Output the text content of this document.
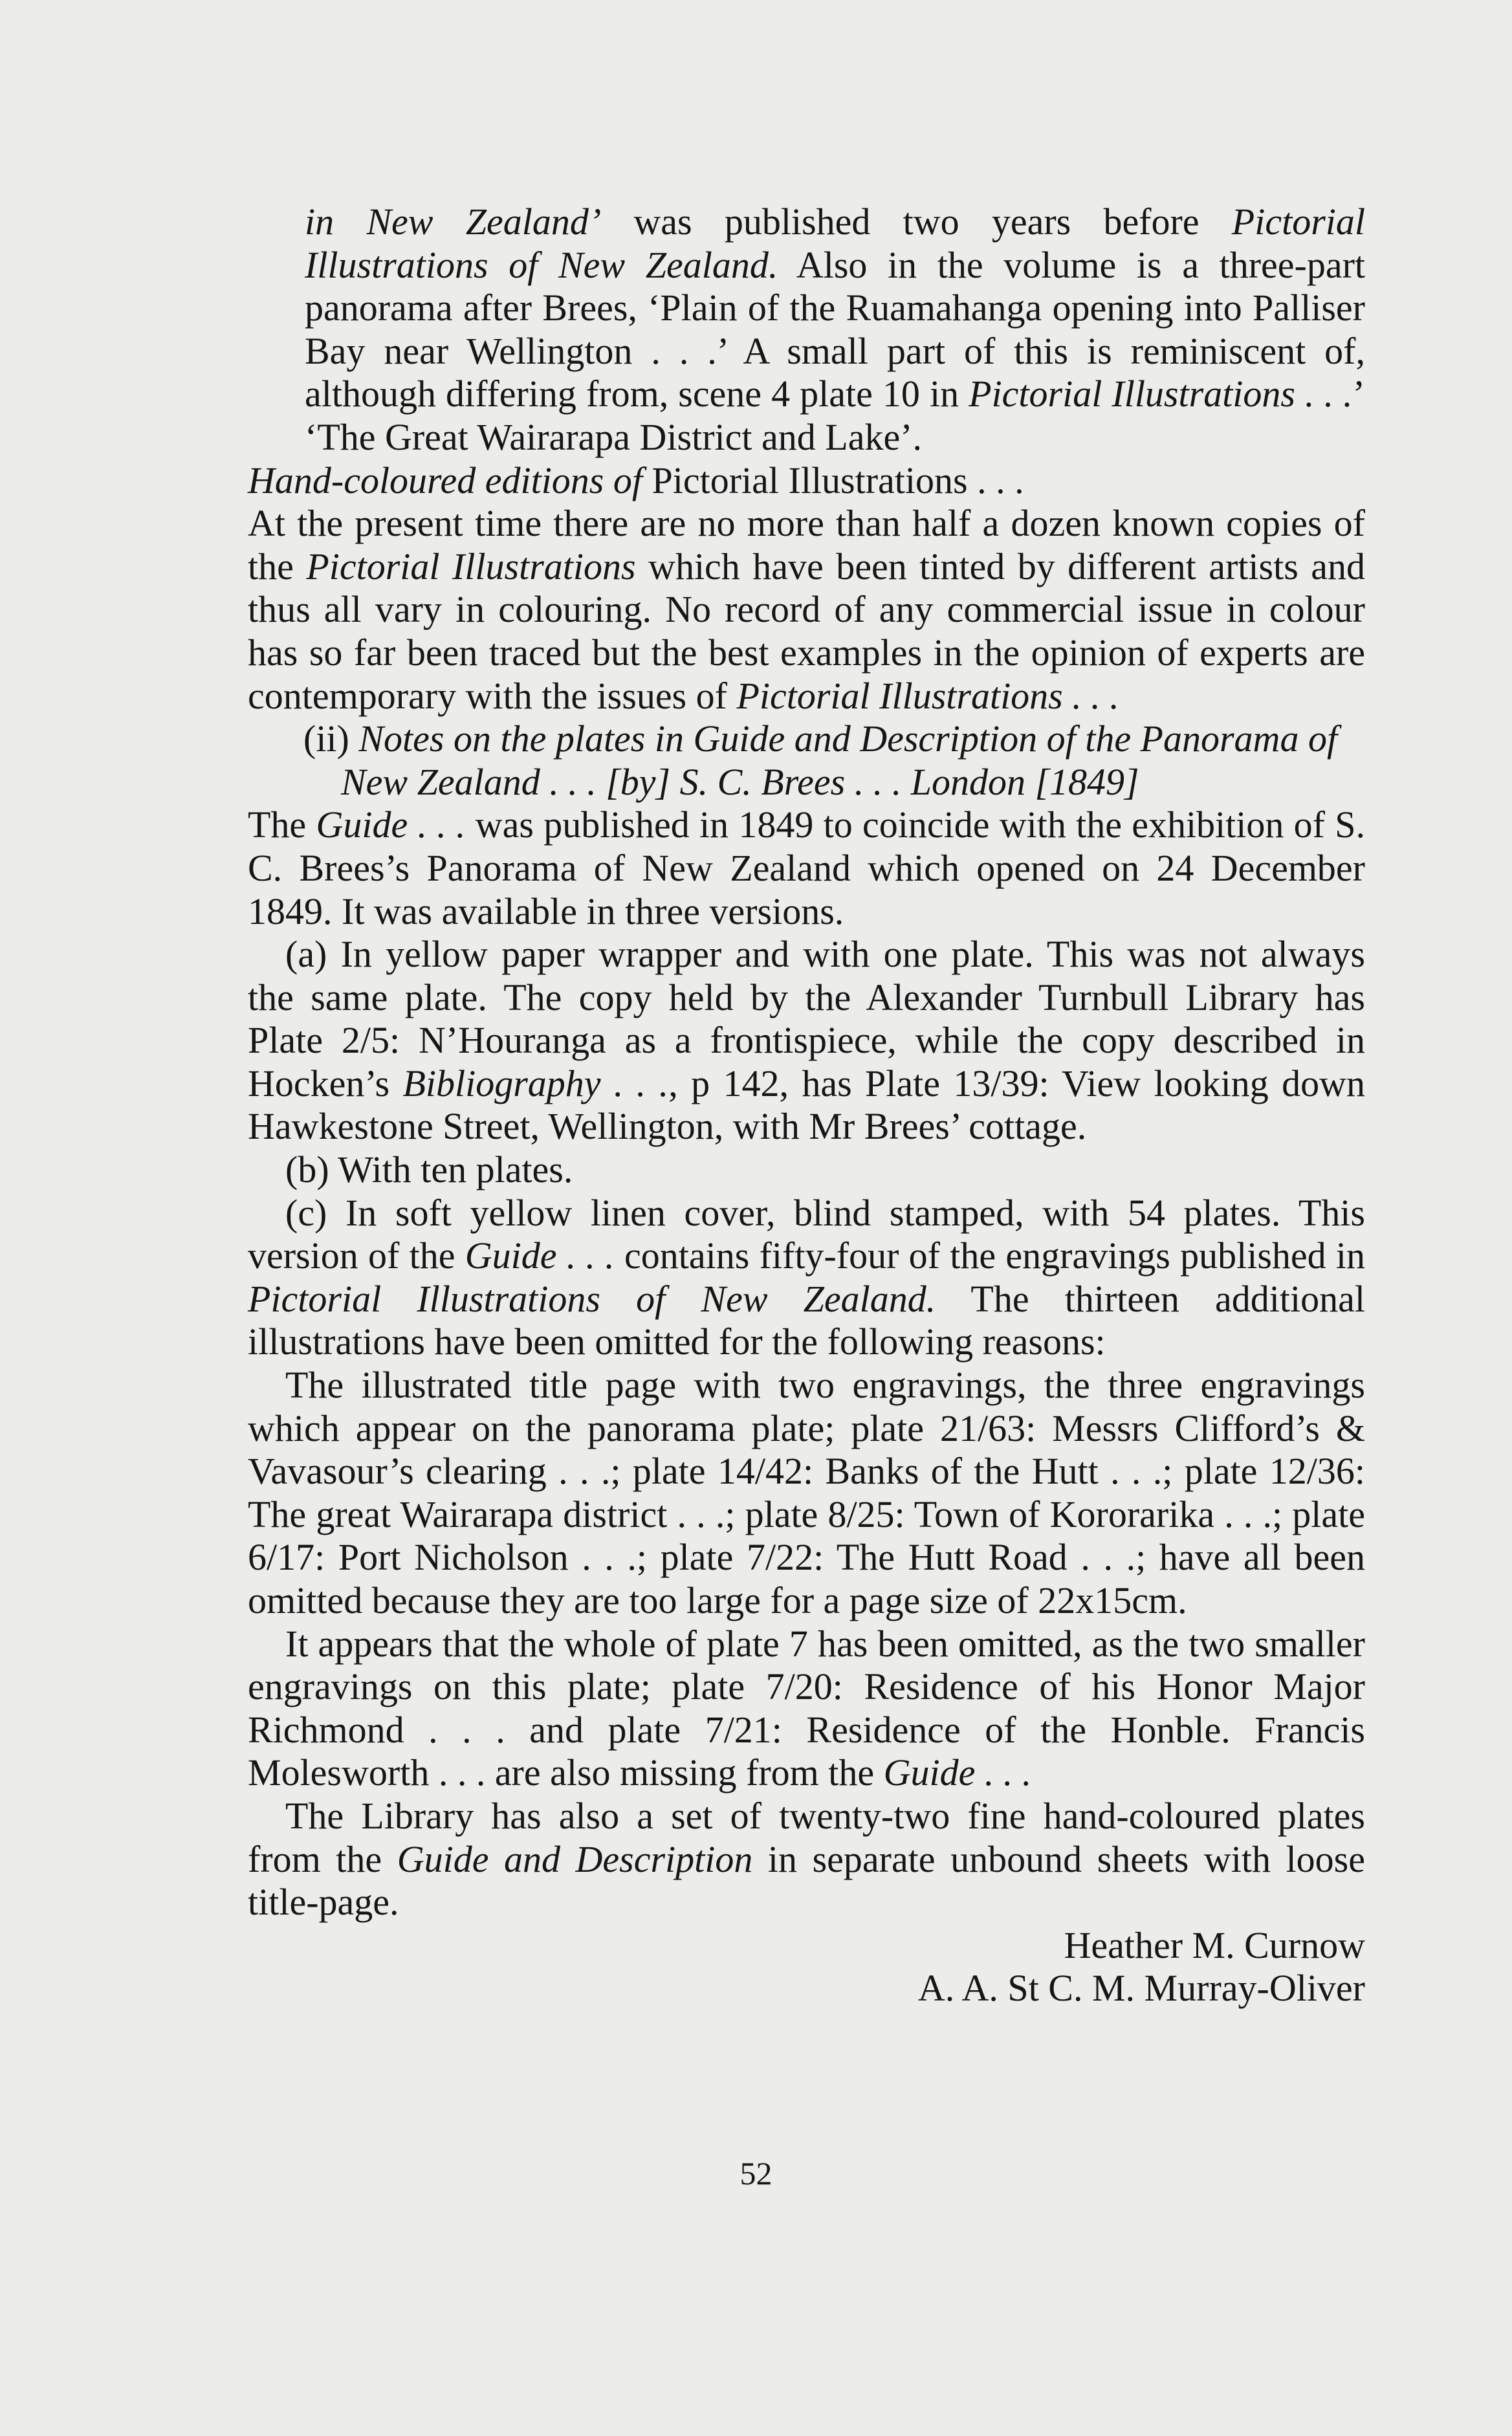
in New Zealand’ was published two years before Pictorial Illustrations of New Zealand. Also in the volume is a three-part panorama after Brees, ‘Plain of the Ruamahanga opening into Palliser Bay near Wellington . . .’ A small part of this is reminiscent of, although differing from, scene 4 plate 10 in Pictorial Illustrations . . .’ ‘The Great Wairarapa District and Lake’.

Hand-coloured editions of Pictorial Illustrations . . .

At the present time there are no more than half a dozen known copies of the Pictorial Illustrations which have been tinted by different artists and thus all vary in colouring. No record of any commercial issue in colour has so far been traced but the best examples in the opinion of experts are contemporary with the issues of Pictorial Illustrations . . .

(ii) Notes on the plates in Guide and Description of the Panorama of New Zealand . . . [by] S. C. Brees . . . London [1849]

The Guide . . . was published in 1849 to coincide with the exhibition of S. C. Brees’s Panorama of New Zealand which opened on 24 December 1849. It was available in three versions.

(a) In yellow paper wrapper and with one plate. This was not always the same plate. The copy held by the Alexander Turnbull Library has Plate 2/5: N’Houranga as a frontispiece, while the copy described in Hocken’s Bibliography . . ., p 142, has Plate 13/39: View looking down Hawkestone Street, Wellington, with Mr Brees’ cottage.

(b) With ten plates.

(c) In soft yellow linen cover, blind stamped, with 54 plates. This version of the Guide . . . contains fifty-four of the engravings published in Pictorial Illustrations of New Zealand. The thirteen additional illustrations have been omitted for the following reasons:

The illustrated title page with two engravings, the three engravings which appear on the panorama plate; plate 21/63: Messrs Clifford’s & Vavasour’s clearing . . .; plate 14/42: Banks of the Hutt . . .; plate 12/36: The great Wairarapa district . . .; plate 8/25: Town of Kororarika . . .; plate 6/17: Port Nicholson . . .; plate 7/22: The Hutt Road . . .; have all been omitted because they are too large for a page size of 22x15cm.

It appears that the whole of plate 7 has been omitted, as the two smaller engravings on this plate; plate 7/20: Residence of his Honor Major Richmond . . . and plate 7/21: Residence of the Honble. Francis Molesworth . . . are also missing from the Guide . . .

The Library has also a set of twenty-two fine hand-coloured plates from the Guide and Description in separate unbound sheets with loose title-page.

Heather M. Curnow

A. A. St C. M. Murray-Oliver

52
